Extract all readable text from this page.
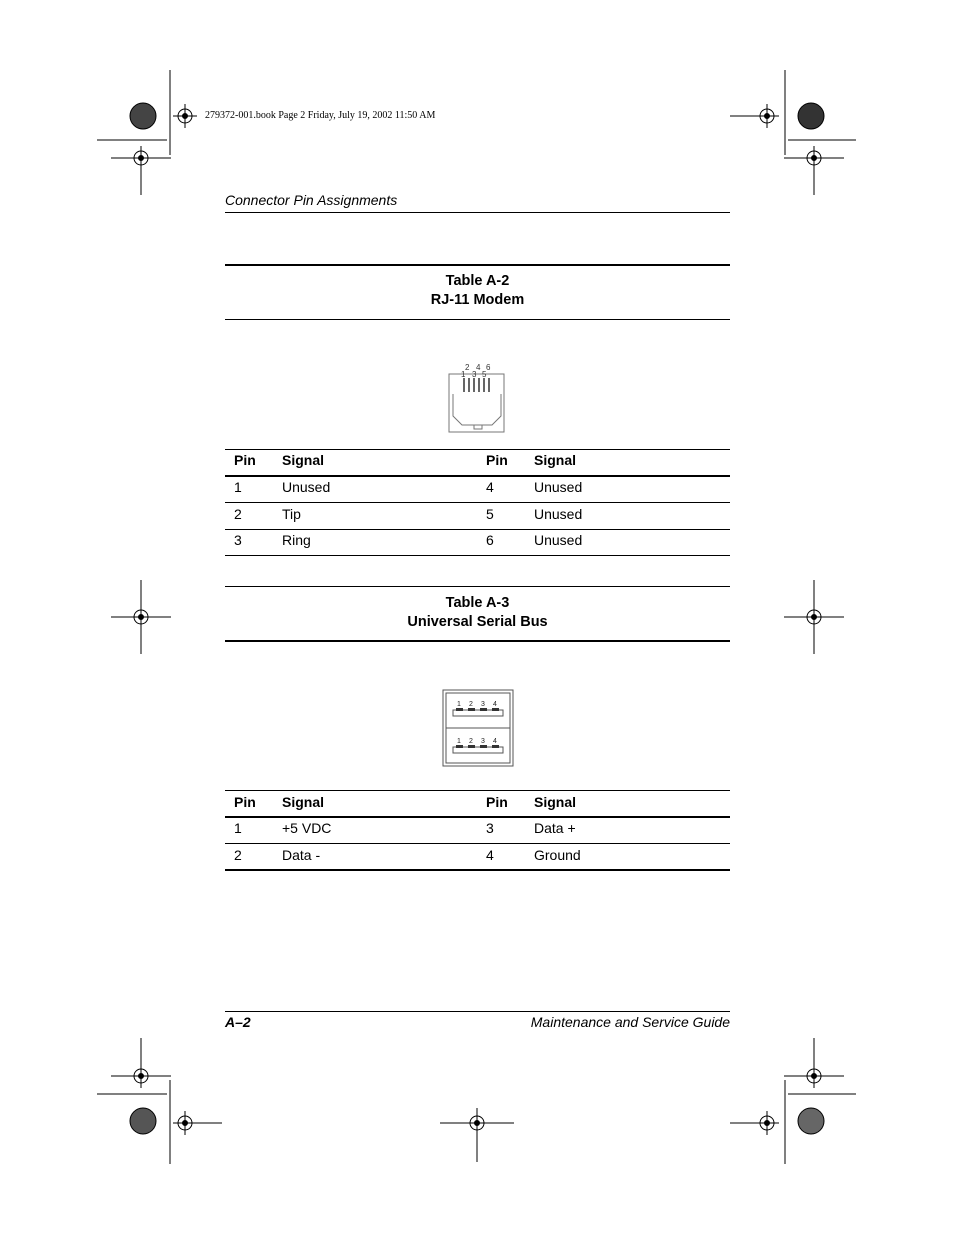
279372-001.book Page 2 Friday, July 19, 2002 11:50 AM
Connector Pin Assignments
Table A-2
RJ-11 Modem
2 4 6
1 3 5
Pin Signal	Pin Signal
1	Unused	4	Unused
2	Tip	5	Unused
3	Ring	6	Unused
Table A-3
Universal Serial Bus
1 2 3 4
1 2 3 4
Pin Signal	Pin Signal
1	+5 VDC	3	Data +
2	Data -	4	Ground
A–2	Maintenance and Service Guide
